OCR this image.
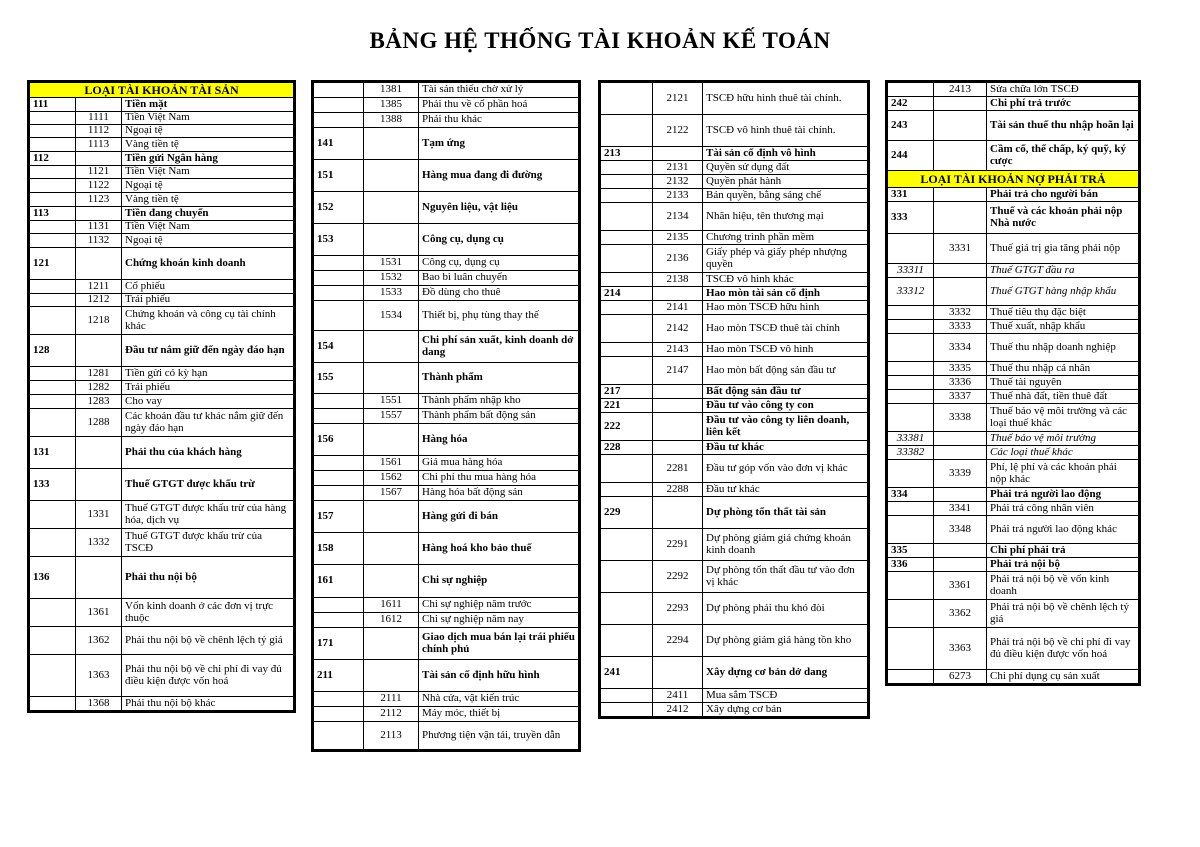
BẢNG HỆ THỐNG TÀI KHOẢN KẾ TOÁN
LOẠI TÀI KHOẢN TÀI SẢN		
111		Tiền mặt
	1111	Tiền Việt Nam
	1112	Ngoại tệ
	1113	Vàng tiền tệ
112		Tiền gửi Ngân hàng
	1121	Tiền Việt Nam
	1122	Ngoại tệ
	1123	Vàng tiền tệ
113		Tiền đang chuyển
	1131	Tiền Việt Nam
	1132	Ngoại tệ
121		Chứng khoán kinh doanh
	1211	Cổ phiếu
	1212	Trái phiếu
	1218	Chứng khoán và công cụ tài chính khác
128		Đầu tư nắm giữ đến ngày đáo hạn
	1281	Tiền gửi có kỳ hạn
	1282	Trái phiếu
	1283	Cho vay
	1288	Các khoản đầu tư khác nắm giữ đến ngày đáo hạn
131		Phải thu của khách hàng
133		Thuế GTGT được khấu trừ
	1331	Thuế GTGT được khấu trừ của hàng hóa, dịch vụ
	1332	Thuế GTGT được khấu trừ của TSCĐ
136		Phải thu nội bộ
	1361	Vốn kinh doanh ở các đơn vị trực thuộc
	1362	Phải thu nội bộ về chênh lệch tỷ giá
	1363	Phải thu nội bộ về chi phí đi vay đủ điều kiện được vốn hoá
	1368	Phải thu nội bộ khác
	1381	Tài sản thiếu chờ xử lý
	1385	Phải thu về cổ phần hoá
	1388	Phải thu khác
141		Tạm ứng
151		Hàng mua đang đi đường
152		Nguyên liệu, vật liệu
153		Công cụ, dụng cụ
	1531	Công cụ, dụng cụ
	1532	Bao bì luân chuyển
	1533	Đồ dùng cho thuê
	1534	Thiết bị, phụ tùng thay thế
154		Chi phí sản xuất, kinh doanh dở dang
155		Thành phẩm
	1551	Thành phẩm nhập kho
	1557	Thành phẩm bất động sản
156		Hàng hóa
	1561	Giá mua hàng hóa
	1562	Chi phí thu mua hàng hóa
	1567	Hàng hóa bất động sản
157		Hàng gửi đi bán
158		Hàng hoá kho bảo thuế
161		Chi sự nghiệp
	1611	Chi sự nghiệp năm trước
	1612	Chi sự nghiệp năm nay
171		Giao dịch mua bán lại trái phiếu chính phủ
211		Tài sản cố định hữu hình
	2111	Nhà cửa, vật kiến trúc
	2112	Máy móc, thiết bị
	2113	Phương tiện vận tải, truyền dẫn
	2121	TSCĐ hữu hình thuê tài chính.
	2122	TSCĐ vô hình thuê tài chính.
213		Tài sản cố định vô hình
	2131	Quyền sử dụng đất
	2132	Quyền phát hành
	2133	Bản quyền, bằng sáng chế
	2134	Nhãn hiệu, tên thương mại
	2135	Chương trình phần mềm
	2136	Giấy phép và giấy phép nhượng quyền
	2138	TSCĐ vô hình khác
214		Hao mòn tài sản cố định
	2141	Hao mòn TSCĐ hữu hình
	2142	Hao mòn TSCĐ thuê tài chính
	2143	Hao mòn TSCĐ vô hình
	2147	Hao mòn bất động sản đầu tư
217		Bất động sản đầu tư
221		Đầu tư vào công ty con
222		Đầu tư vào công ty liên doanh, liên kết
228		Đầu tư khác
	2281	Đầu tư góp vốn vào đơn vị khác
	2288	Đầu tư khác
229		Dự phòng tổn thất tài sản
	2291	Dự phòng giảm giá chứng khoán kinh doanh
	2292	Dự phòng tổn thất đầu tư vào đơn vị khác
	2293	Dự phòng phải thu khó đòi
	2294	Dự phòng giảm giá hàng tồn kho
241		Xây dựng cơ bản dở dang
	2411	Mua sắm TSCĐ
	2412	Xây dựng cơ bản
	2413	Sửa chữa lớn TSCĐ
242		Chi phí trả trước
243		Tài sản thuế thu nhập hoãn lại
244		Cầm cố, thế chấp, ký quỹ, ký cược
LOẠI TÀI KHOẢN NỢ PHẢI TRẢ		
331		Phải trả cho người bán
333		Thuế và các khoản phải nộp Nhà nước
	3331	Thuế giá trị gia tăng phải nộp
33311		Thuế GTGT đầu ra
33312		Thuế GTGT hàng nhập khẩu
	3332	Thuế tiêu thụ đặc biệt
	3333	Thuế xuất, nhập khẩu
	3334	Thuế thu nhập doanh nghiệp
	3335	Thuế thu nhập cá nhân
	3336	Thuế tài nguyên
	3337	Thuế nhà đất, tiền thuê đất
	3338	Thuế bảo vệ môi trường và các loại thuế khác
33381		Thuế bảo vệ môi trường
33382		Các loại thuế khác
	3339	Phí, lệ phí và các khoản phải nộp khác
334		Phải trả người lao động
	3341	Phải trả công nhân viên
	3348	Phải trả người lao động khác
335		Chi phí phải trả
336		Phải trả nội bộ
	3361	Phải trả nội bộ về vốn kinh doanh
	3362	Phải trả nội bộ về chênh lệch tỷ giá
	3363	Phải trả nội bộ về chi phí đi vay đủ điều kiện được vốn hoá
	6273	Chi phí dụng cụ sản xuất
